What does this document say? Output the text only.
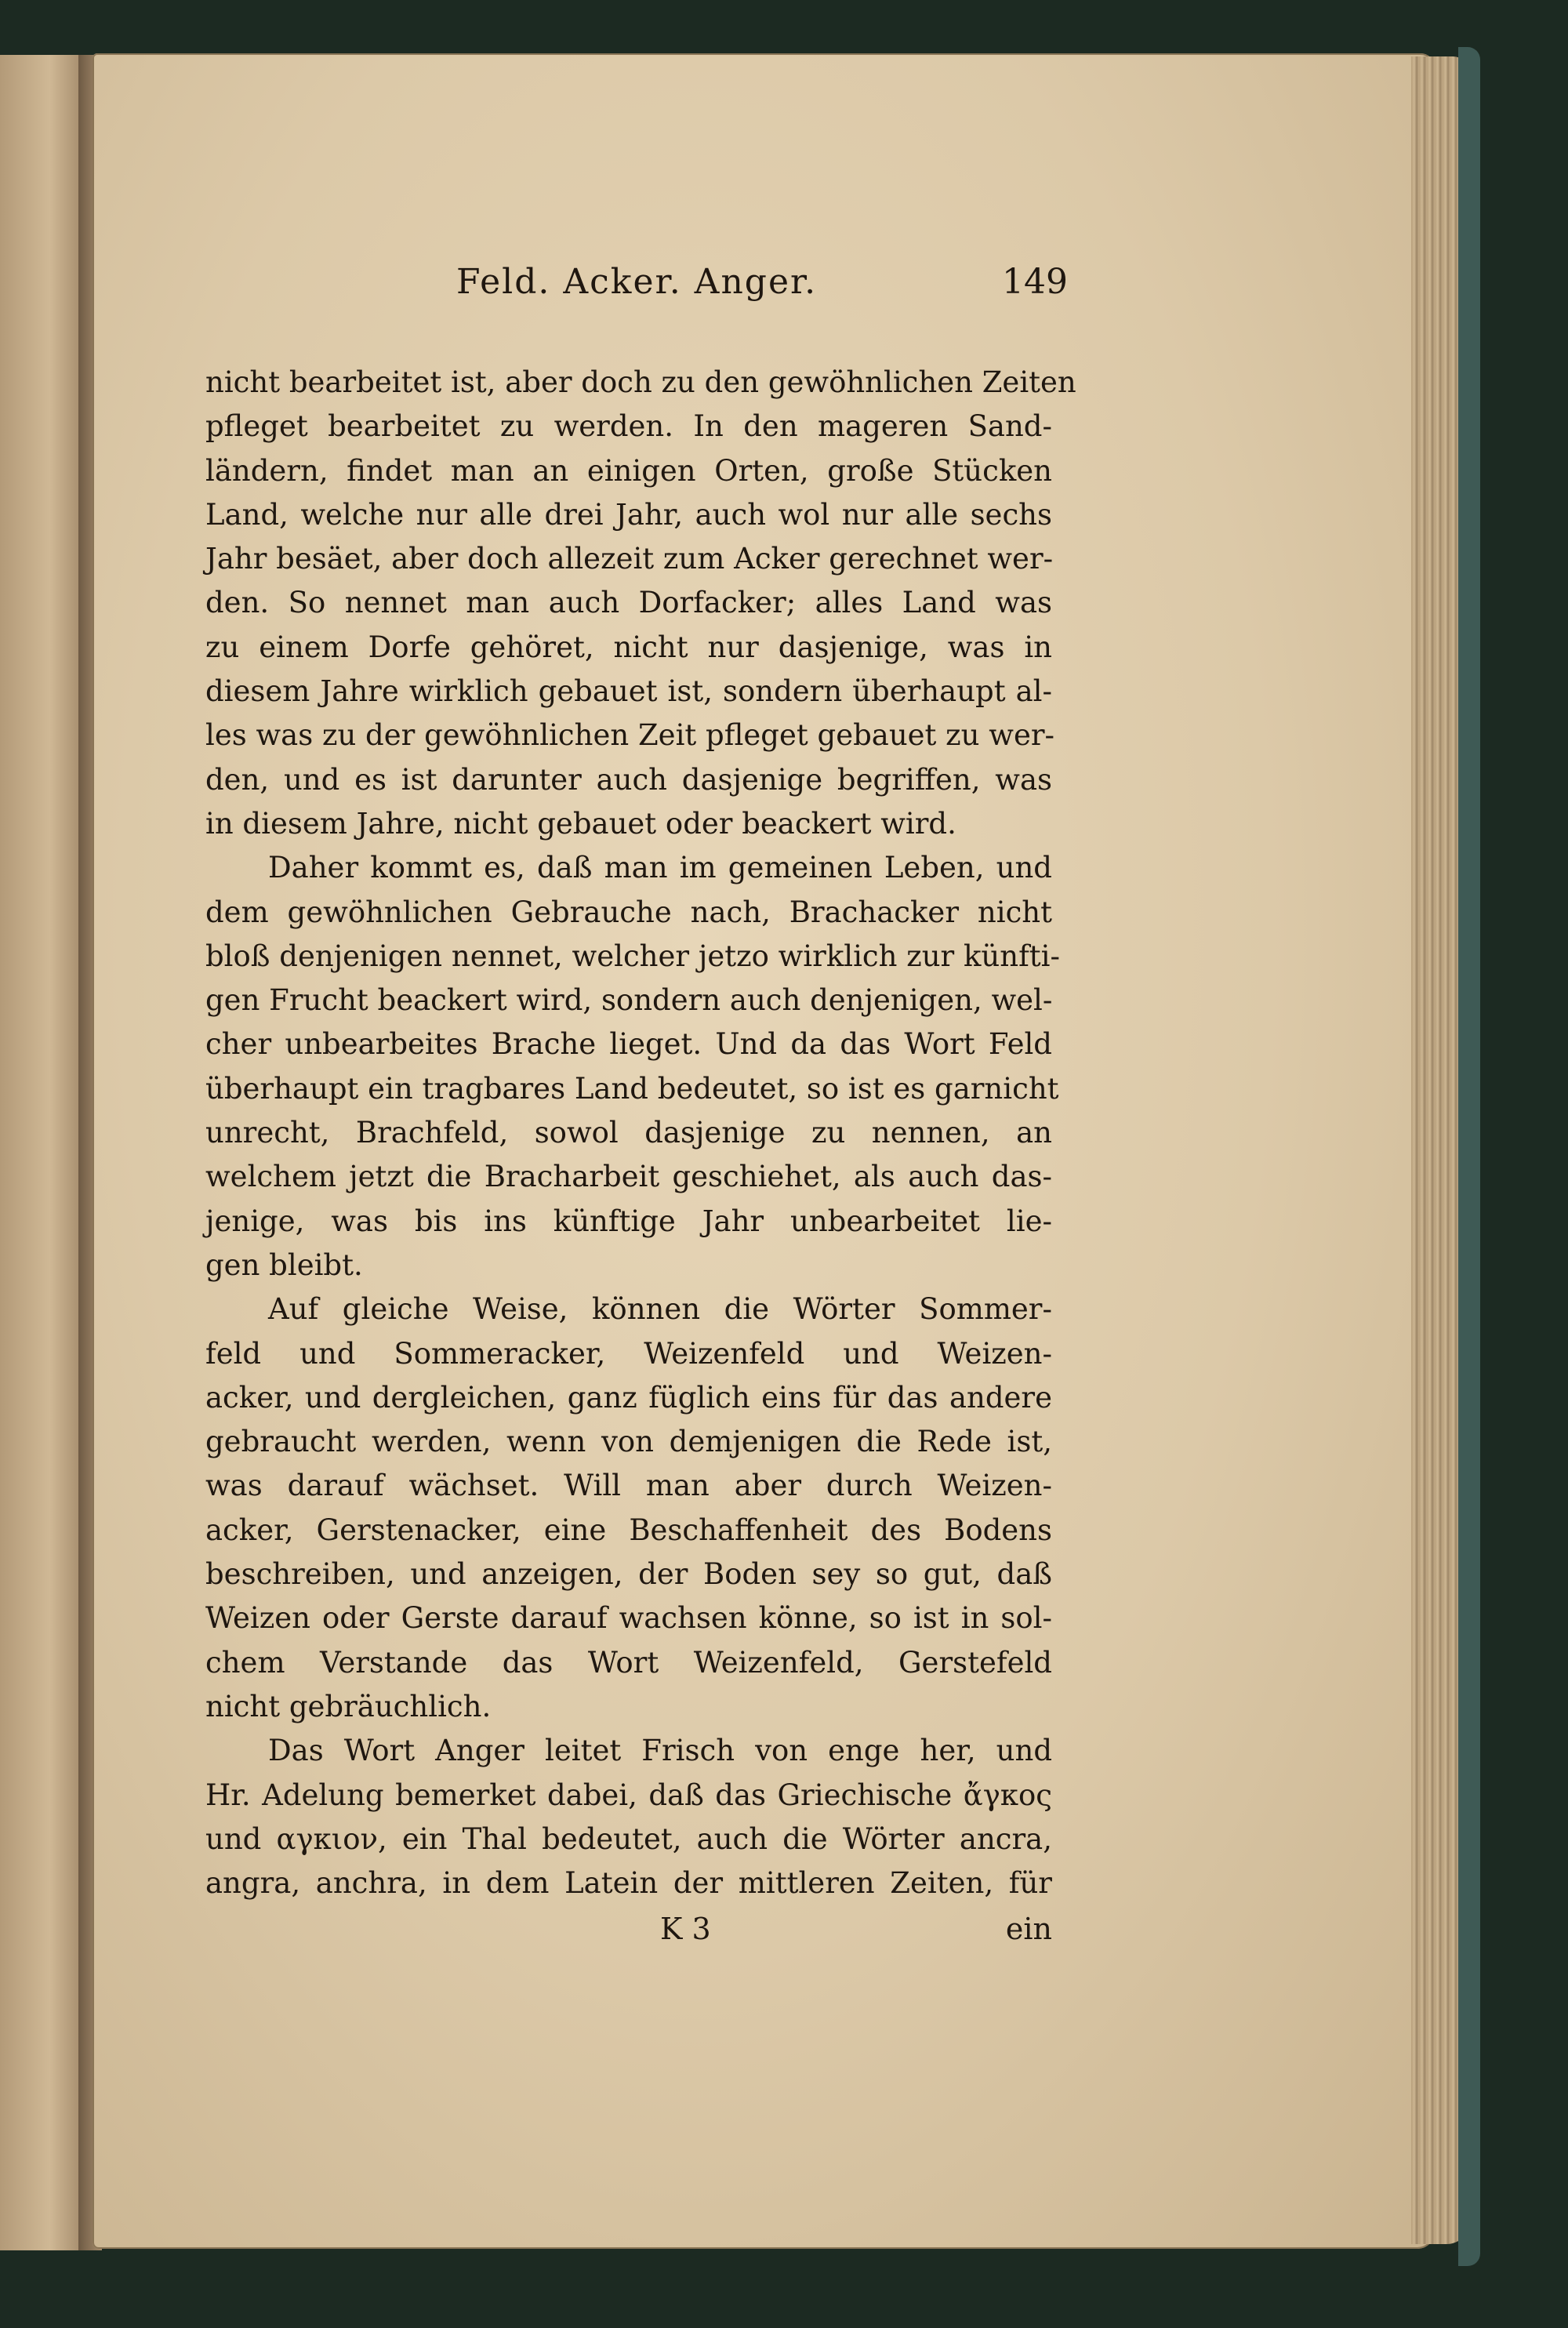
Feld. Acker. Anger.	149
nicht bearbeitet ist, aber doch zu den gewöhnlichen Zeiten
pfleget bearbeitet zu werden. In den mageren Sand-
ländern, findet man an einigen Orten, große Stücken
Land, welche nur alle drei Jahr, auch wol nur alle sechs
Jahr besäet, aber doch allezeit zum Acker gerechnet wer-
den. So nennet man auch Dorfacker; alles Land was
zu einem Dorfe gehöret, nicht nur dasjenige, was in
diesem Jahre wirklich gebauet ist, sondern überhaupt al-
les was zu der gewöhnlichen Zeit pfleget gebauet zu wer-
den, und es ist darunter auch dasjenige begriffen, was
in diesem Jahre, nicht gebauet oder beackert wird.
Daher kommt es, daß man im gemeinen Leben, und
dem gewöhnlichen Gebrauche nach, Brachacker nicht
bloß denjenigen nennet, welcher jetzo wirklich zur künfti-
gen Frucht beackert wird, sondern auch denjenigen, wel-
cher unbearbeites Brache lieget. Und da das Wort Feld
überhaupt ein tragbares Land bedeutet, so ist es garnicht
unrecht, Brachfeld, sowol dasjenige zu nennen, an
welchem jetzt die Bracharbeit geschiehet, als auch das-
jenige, was bis ins künftige Jahr unbearbeitet lie-
gen bleibt.
Auf gleiche Weise, können die Wörter Sommer-
feld und Sommeracker, Weizenfeld und Weizen-
acker, und dergleichen, ganz füglich eins für das andere
gebraucht werden, wenn von demjenigen die Rede ist,
was darauf wächset. Will man aber durch Weizen-
acker, Gerstenacker, eine Beschaffenheit des Bodens
beschreiben, und anzeigen, der Boden sey so gut, daß
Weizen oder Gerste darauf wachsen könne, so ist in sol-
chem Verstande das Wort Weizenfeld, Gerstefeld
nicht gebräuchlich.
Das Wort Anger leitet Frisch von enge her, und
Hr. Adelung bemerket dabei, daß das Griechische ἄγκος
und αγκιον, ein Thal bedeutet, auch die Wörter ancra,
angra, anchra, in dem Latein der mittleren Zeiten, für
K 3	ein
